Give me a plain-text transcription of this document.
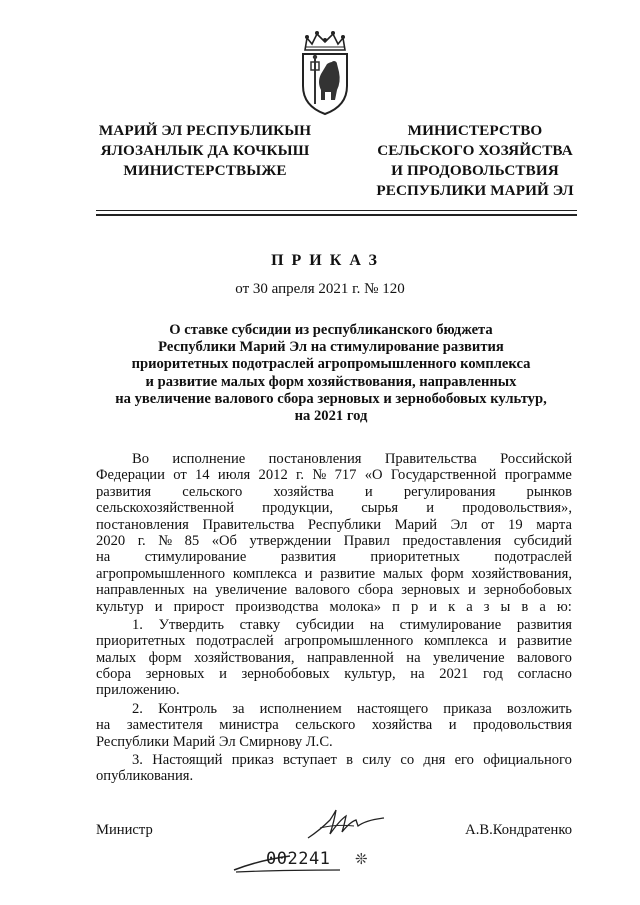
МАРИЙ ЭЛ РЕСПУБЛИКЫН
ЯЛОЗАНЛЫК ДА КОЧКЫШ
МИНИСТЕРСТВЫЖЕ
МИНИСТЕРСТВО
СЕЛЬСКОГО ХОЗЯЙСТВА
И ПРОДОВОЛЬСТВИЯ
РЕСПУБЛИКИ МАРИЙ ЭЛ
ПРИКАЗ
от 30 апреля 2021 г. № 120
О ставке субсидии из республиканского бюджета
Республики Марий Эл на стимулирование развития
приоритетных подотраслей агропромышленного комплекса
и развитие малых форм хозяйствования, направленных
на увеличение валового сбора зерновых и зернобобовых культур,
на 2021 год
Во исполнение постановления Правительства Российской
Федерации от 14 июля 2012 г. № 717 «О Государственной программе
развития сельского хозяйства и регулирования рынков
сельскохозяйственной продукции, сырья и продовольствия»,
постановления Правительства Республики Марий Эл от 19 марта
2020 г. № 85 «Об утверждении Правил предоставления субсидий
на стимулирование развития приоритетных подотраслей
агропромышленного комплекса и развитие малых форм хозяйствования,
направленных на увеличение валового сбора зерновых и зернобобовых
культур и прирост производства молока» п р и к а з ы в а ю:
1. Утвердить ставку субсидии на стимулирование развития
приоритетных подотраслей агропромышленного комплекса и развитие
малых форм хозяйствования, направленной на увеличение валового
сбора зерновых и зернобобовых культур, на 2021 год согласно
приложению.
2. Контроль за исполнением настоящего приказа возложить
на заместителя министра сельского хозяйства и продовольствия
Республики Марий Эл Смирнову Л.С.
3. Настоящий приказ вступает в силу со дня его официального
опубликования.
Министр	А.В.Кондратенко
002241 ❊
